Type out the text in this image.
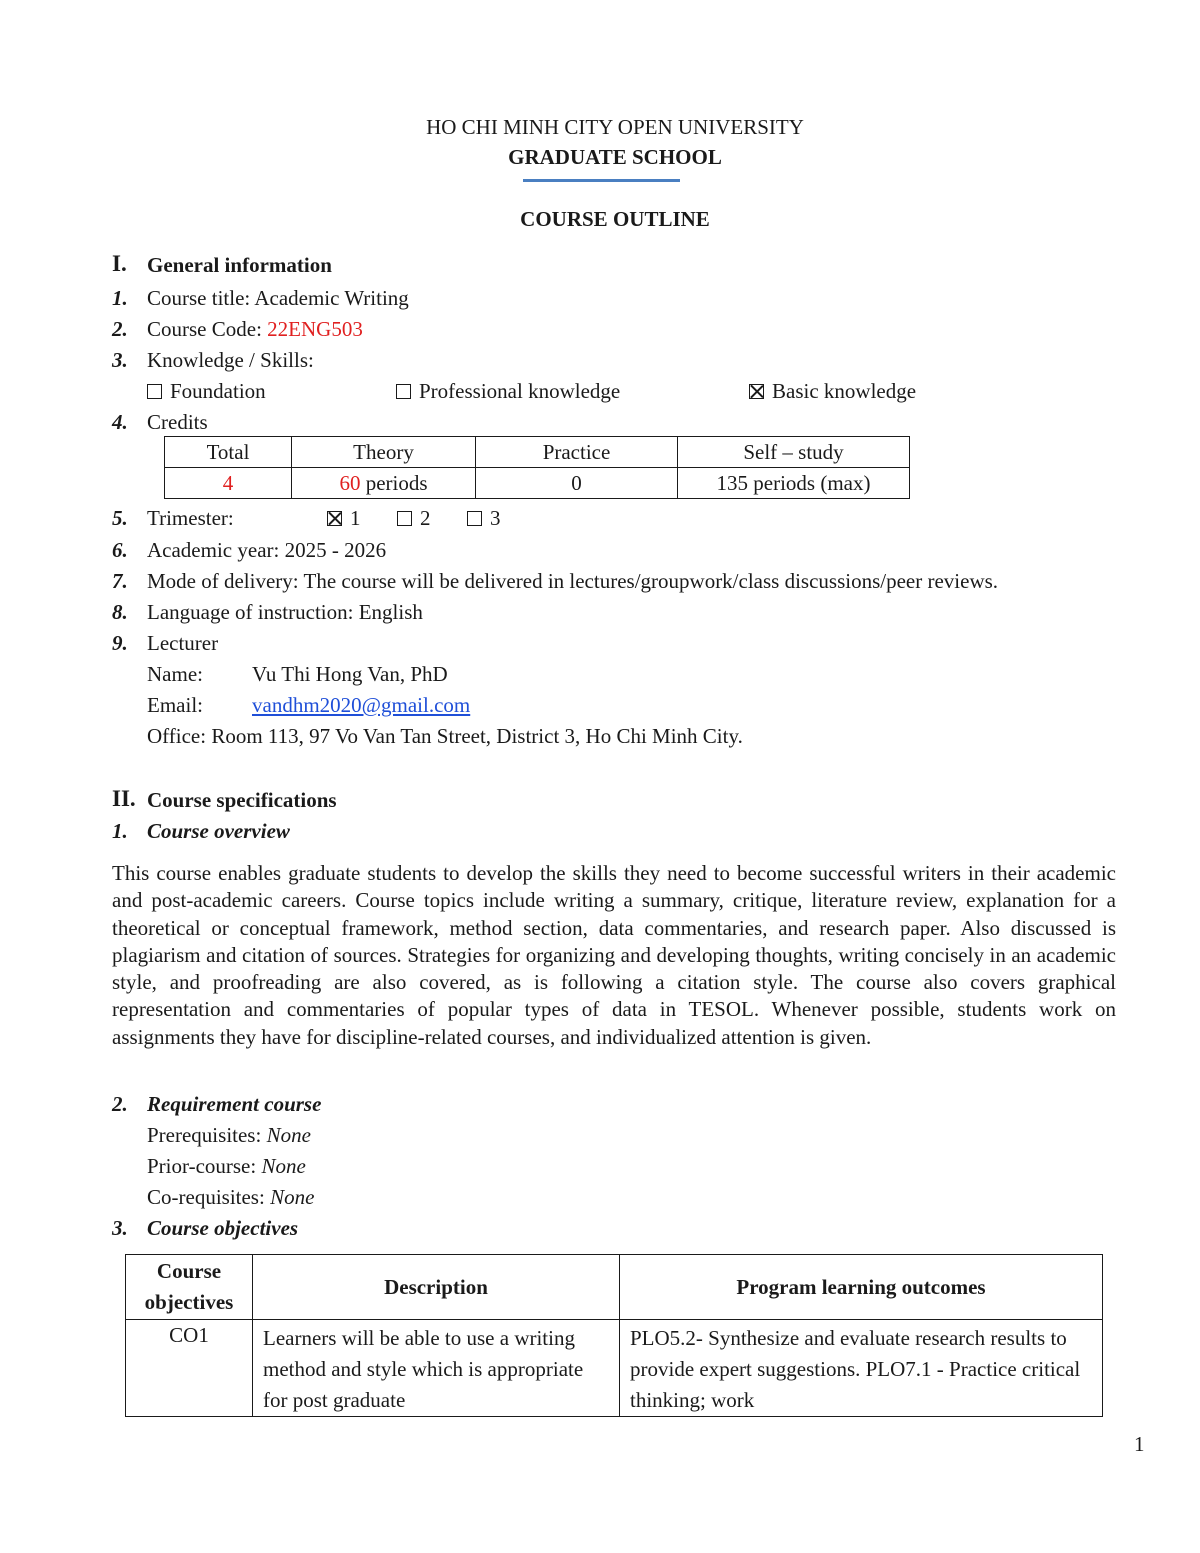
HO CHI MINH CITY OPEN UNIVERSITY
GRADUATE SCHOOL
COURSE OUTLINE
I. General information
1. Course title: Academic Writing
2. Course Code: 22ENG503
3. Knowledge / Skills:
Foundation	Professional knowledge	Basic knowledge
4. Credits
Total	Theory	Practice	Self – study
4	60 periods	0	135 periods (max)
5. Trimester:	1	2	3
6. Academic year: 2025 - 2026
7. Mode of delivery: The course will be delivered in lectures/groupwork/class discussions/peer reviews.
8. Language of instruction: English
9. Lecturer
Name: Vu Thi Hong Van, PhD
Email: vandhm2020@gmail.com
Office: Room 113, 97 Vo Van Tan Street, District 3, Ho Chi Minh City.
II. Course specifications
1. Course overview
This course enables graduate students to develop the skills they need to become successful writers in their academic and post-academic careers. Course topics include writing a summary, critique, literature review, explanation for a theoretical or conceptual framework, method section, data commentaries, and research paper. Also discussed is plagiarism and citation of sources. Strategies for organizing and developing thoughts, writing concisely in an academic style, and proofreading are also covered, as is following a citation style. The course also covers graphical representation and commentaries of popular types of data in TESOL. Whenever possible, students work on assignments they have for discipline-related courses, and individualized attention is given.
2. Requirement course
Prerequisites: None
Prior-course: None
Co-requisites: None
3. Course objectives
Course objectives	Description	Program learning outcomes
CO1	Learners will be able to use a writing method and style which is appropriate for post graduate	PLO5.2- Synthesize and evaluate research results to provide expert suggestions. PLO7.1 - Practice critical thinking; work
1
